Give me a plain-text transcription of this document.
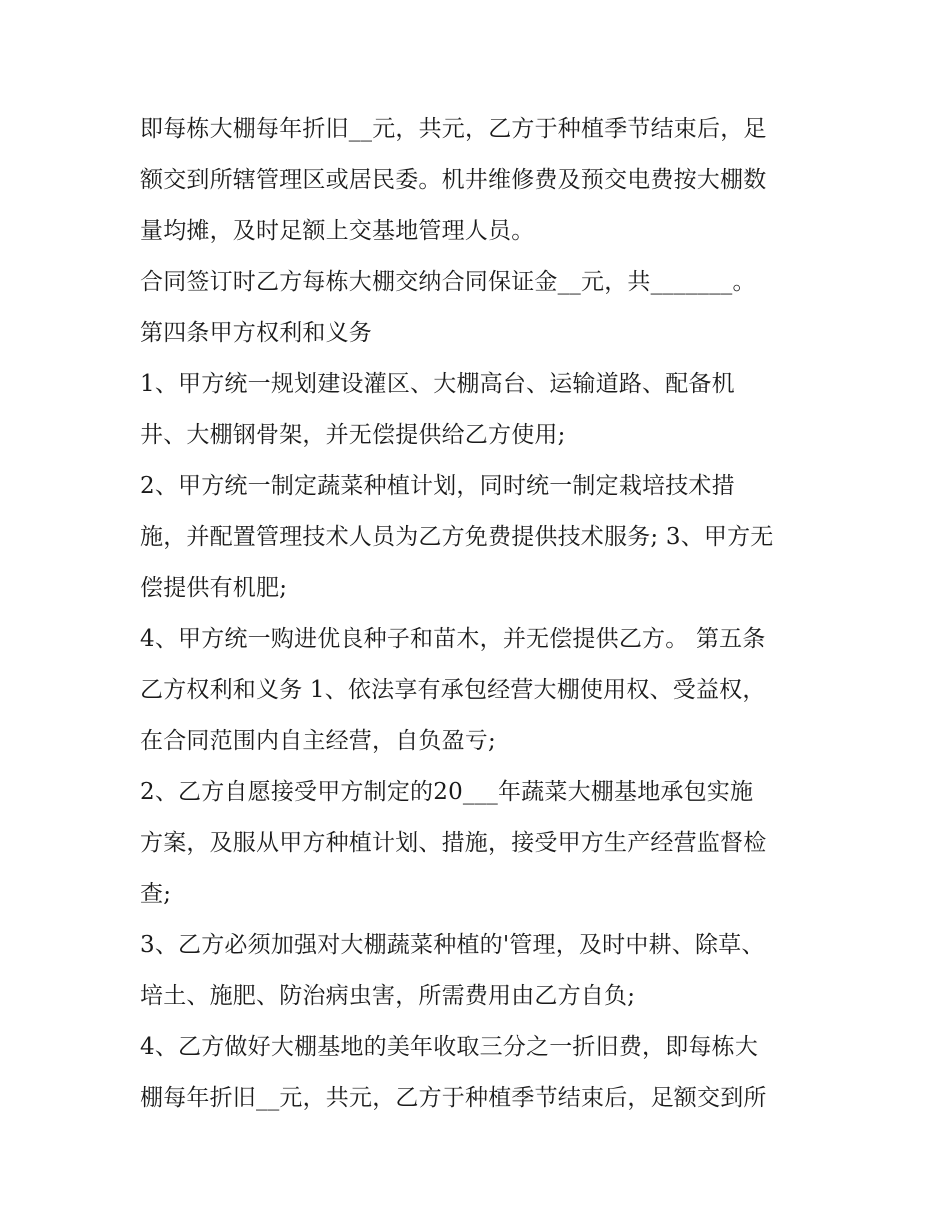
即每栋大棚每年折旧__元，共元，乙方于种植季节结束后，足
额交到所辖管理区或居民委。机井维修费及预交电费按大棚数
量均摊，及时足额上交基地管理人员。
合同签订时乙方每栋大棚交纳合同保证金__元，共_______。
第四条甲方权利和义务
1、甲方统一规划建设灌区、大棚高台、运输道路、配备机
井、大棚钢骨架，并无偿提供给乙方使用;
2、甲方统一制定蔬菜种植计划，同时统一制定栽培技术措
施，并配置管理技术人员为乙方免费提供技术服务; 3、甲方无
偿提供有机肥;
4、甲方统一购进优良种子和苗木，并无偿提供乙方。 第五条
乙方权利和义务 1、依法享有承包经营大棚使用权、受益权，
在合同范围内自主经营，自负盈亏;
2、乙方自愿接受甲方制定的20___年蔬菜大棚基地承包实施
方案，及服从甲方种植计划、措施，接受甲方生产经营监督检
查;
3、乙方必须加强对大棚蔬菜种植的'管理，及时中耕、除草、
培土、施肥、防治病虫害，所需费用由乙方自负;
4、乙方做好大棚基地的美年收取三分之一折旧费，即每栋大
棚每年折旧__元，共元，乙方于种植季节结束后，足额交到所
